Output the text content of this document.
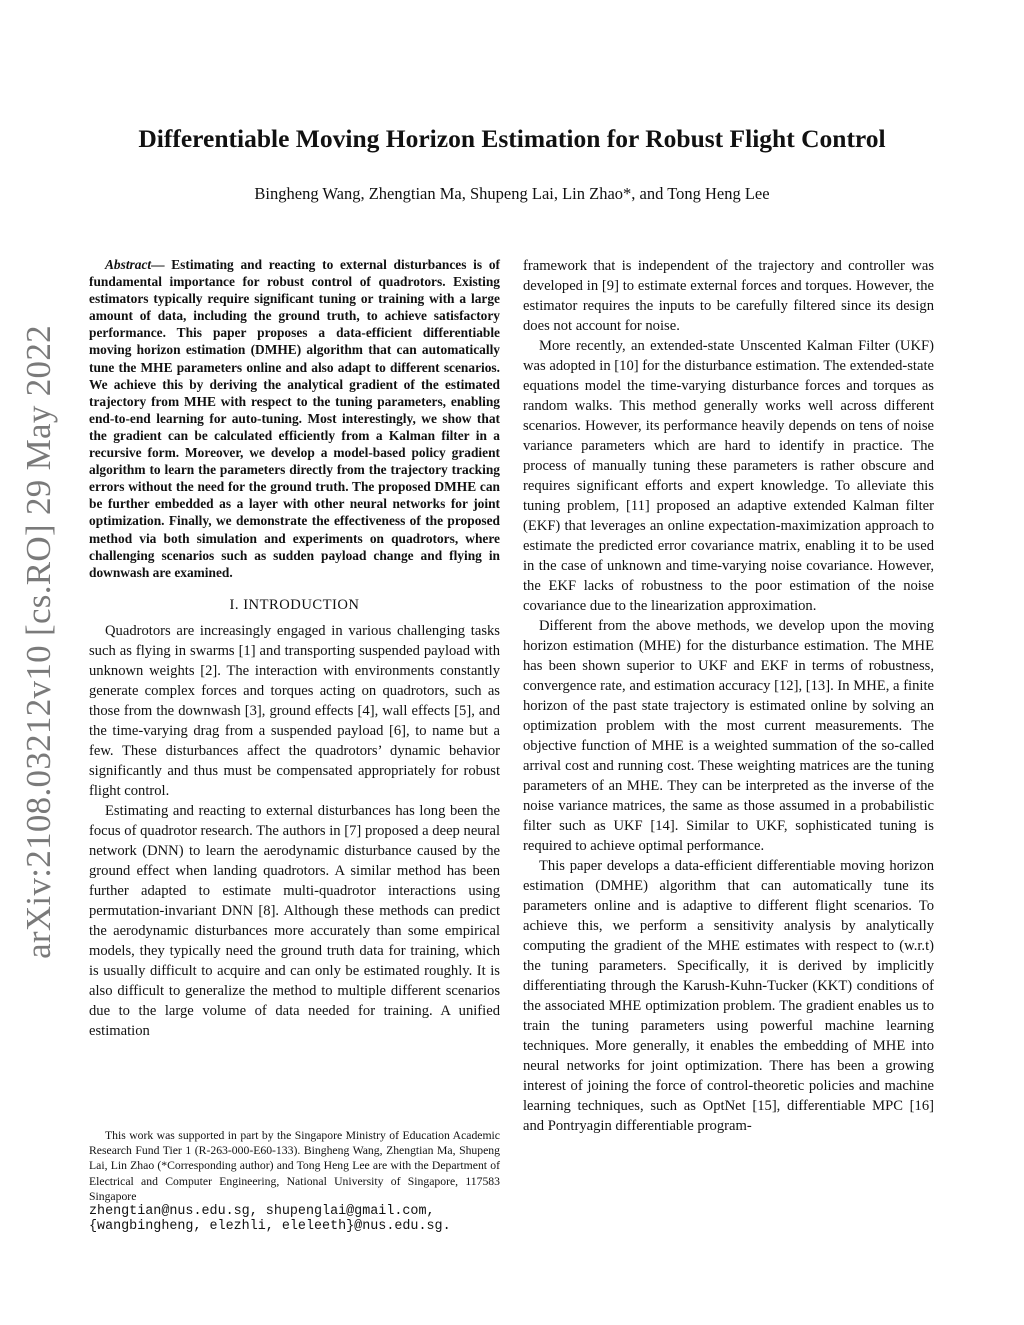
arXiv:2108.03212v10 [cs.RO] 29 May 2022
Differentiable Moving Horizon Estimation for Robust Flight Control

Bingheng Wang, Zhengtian Ma, Shupeng Lai, Lin Zhao*, and Tong Heng Lee

Abstract— Estimating and reacting to external disturbances is of fundamental importance for robust control of quadrotors. Existing estimators typically require significant tuning or training with a large amount of data, including the ground truth, to achieve satisfactory performance. This paper proposes a data-efficient differentiable moving horizon estimation (DMHE) algorithm that can automatically tune the MHE parameters online and also adapt to different scenarios. We achieve this by deriving the analytical gradient of the estimated trajectory from MHE with respect to the tuning parameters, enabling end-to-end learning for auto-tuning. Most interestingly, we show that the gradient can be calculated efficiently from a Kalman filter in a recursive form. Moreover, we develop a model-based policy gradient algorithm to learn the parameters directly from the trajectory tracking errors without the need for the ground truth. The proposed DMHE can be further embedded as a layer with other neural networks for joint optimization. Finally, we demonstrate the effectiveness of the proposed method via both simulation and experiments on quadrotors, where challenging scenarios such as sudden payload change and flying in downwash are examined.

I. INTRODUCTION

Quadrotors are increasingly engaged in various challenging tasks such as flying in swarms [1] and transporting suspended payload with unknown weights [2]. The interaction with environments constantly generate complex forces and torques acting on quadrotors, such as those from the downwash [3], ground effects [4], wall effects [5], and the time-varying drag from a suspended payload [6], to name but a few. These disturbances affect the quadrotors’ dynamic behavior significantly and thus must be compensated appropriately for robust flight control.

Estimating and reacting to external disturbances has long been the focus of quadrotor research. The authors in [7] proposed a deep neural network (DNN) to learn the aerodynamic disturbance caused by the ground effect when landing quadrotors. A similar method has been further adapted to estimate multi-quadrotor interactions using permutation-invariant DNN [8]. Although these methods can predict the aerodynamic disturbances more accurately than some empirical models, they typically need the ground truth data for training, which is usually difficult to acquire and can only be estimated roughly. It is also difficult to generalize the method to multiple different scenarios due to the large volume of data needed for training. A unified estimation

This work was supported in part by the Singapore Ministry of Education Academic Research Fund Tier 1 (R-263-000-E60-133). Bingheng Wang, Zhengtian Ma, Shupeng Lai, Lin Zhao (*Corresponding author) and Tong Heng Lee are with the Department of Electrical and Computer Engineering, National University of Singapore, 117583 Singapore
zhengtian@nus.edu.sg, shupenglai@gmail.com,
{wangbingheng, elezhli, eleleeth}@nus.edu.sg.

framework that is independent of the trajectory and controller was developed in [9] to estimate external forces and torques. However, the estimator requires the inputs to be carefully filtered since its design does not account for noise.

More recently, an extended-state Unscented Kalman Filter (UKF) was adopted in [10] for the disturbance estimation. The extended-state equations model the time-varying disturbance forces and torques as random walks. This method generally works well across different scenarios. However, its performance heavily depends on tens of noise variance parameters which are hard to identify in practice. The process of manually tuning these parameters is rather obscure and requires significant efforts and expert knowledge. To alleviate this tuning problem, [11] proposed an adaptive extended Kalman filter (EKF) that leverages an online expectation-maximization approach to estimate the predicted error covariance matrix, enabling it to be used in the case of unknown and time-varying noise covariance. However, the EKF lacks of robustness to the poor estimation of the noise covariance due to the linearization approximation.

Different from the above methods, we develop upon the moving horizon estimation (MHE) for the disturbance estimation. The MHE has been shown superior to UKF and EKF in terms of robustness, convergence rate, and estimation accuracy [12], [13]. In MHE, a finite horizon of the past state trajectory is estimated online by solving an optimization problem with the most current measurements. The objective function of MHE is a weighted summation of the so-called arrival cost and running cost. These weighting matrices are the tuning parameters of an MHE. They can be interpreted as the inverse of the noise variance matrices, the same as those assumed in a probabilistic filter such as UKF [14]. Similar to UKF, sophisticated tuning is required to achieve optimal performance.

This paper develops a data-efficient differentiable moving horizon estimation (DMHE) algorithm that can automatically tune its parameters online and is adaptive to different flight scenarios. To achieve this, we perform a sensitivity analysis by analytically computing the gradient of the MHE estimates with respect to (w.r.t) the tuning parameters. Specifically, it is derived by implicitly differentiating through the Karush-Kuhn-Tucker (KKT) conditions of the associated MHE optimization problem. The gradient enables us to train the tuning parameters using powerful machine learning techniques. More generally, it enables the embedding of MHE into neural networks for joint optimization. There has been a growing interest of joining the force of control-theoretic policies and machine learning techniques, such as OptNet [15], differentiable MPC [16] and Pontryagin differentiable program-
